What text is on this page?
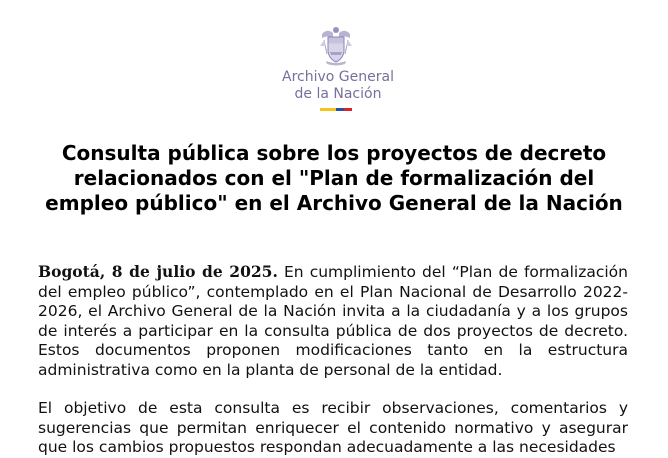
Archivo General
de la Nación
Consulta pública sobre los proyectos de decreto relacionados con el "Plan de formalización del empleo público" en el Archivo General de la Nación

Bogotá, 8 de julio de 2025. En cumplimiento del “Plan de formalización del empleo público”, contemplado en el Plan Nacional de Desarrollo 2022-2026, el Archivo General de la Nación invita a la ciudadanía y a los grupos de interés a participar en la consulta pública de dos proyectos de decreto. Estos documentos proponen modificaciones tanto en la estructura administrativa como en la planta de personal de la entidad.

El objetivo de esta consulta es recibir observaciones, comentarios y sugerencias que permitan enriquecer el contenido normativo y asegurar que los cambios propuestos respondan adecuadamente a las necesidades
